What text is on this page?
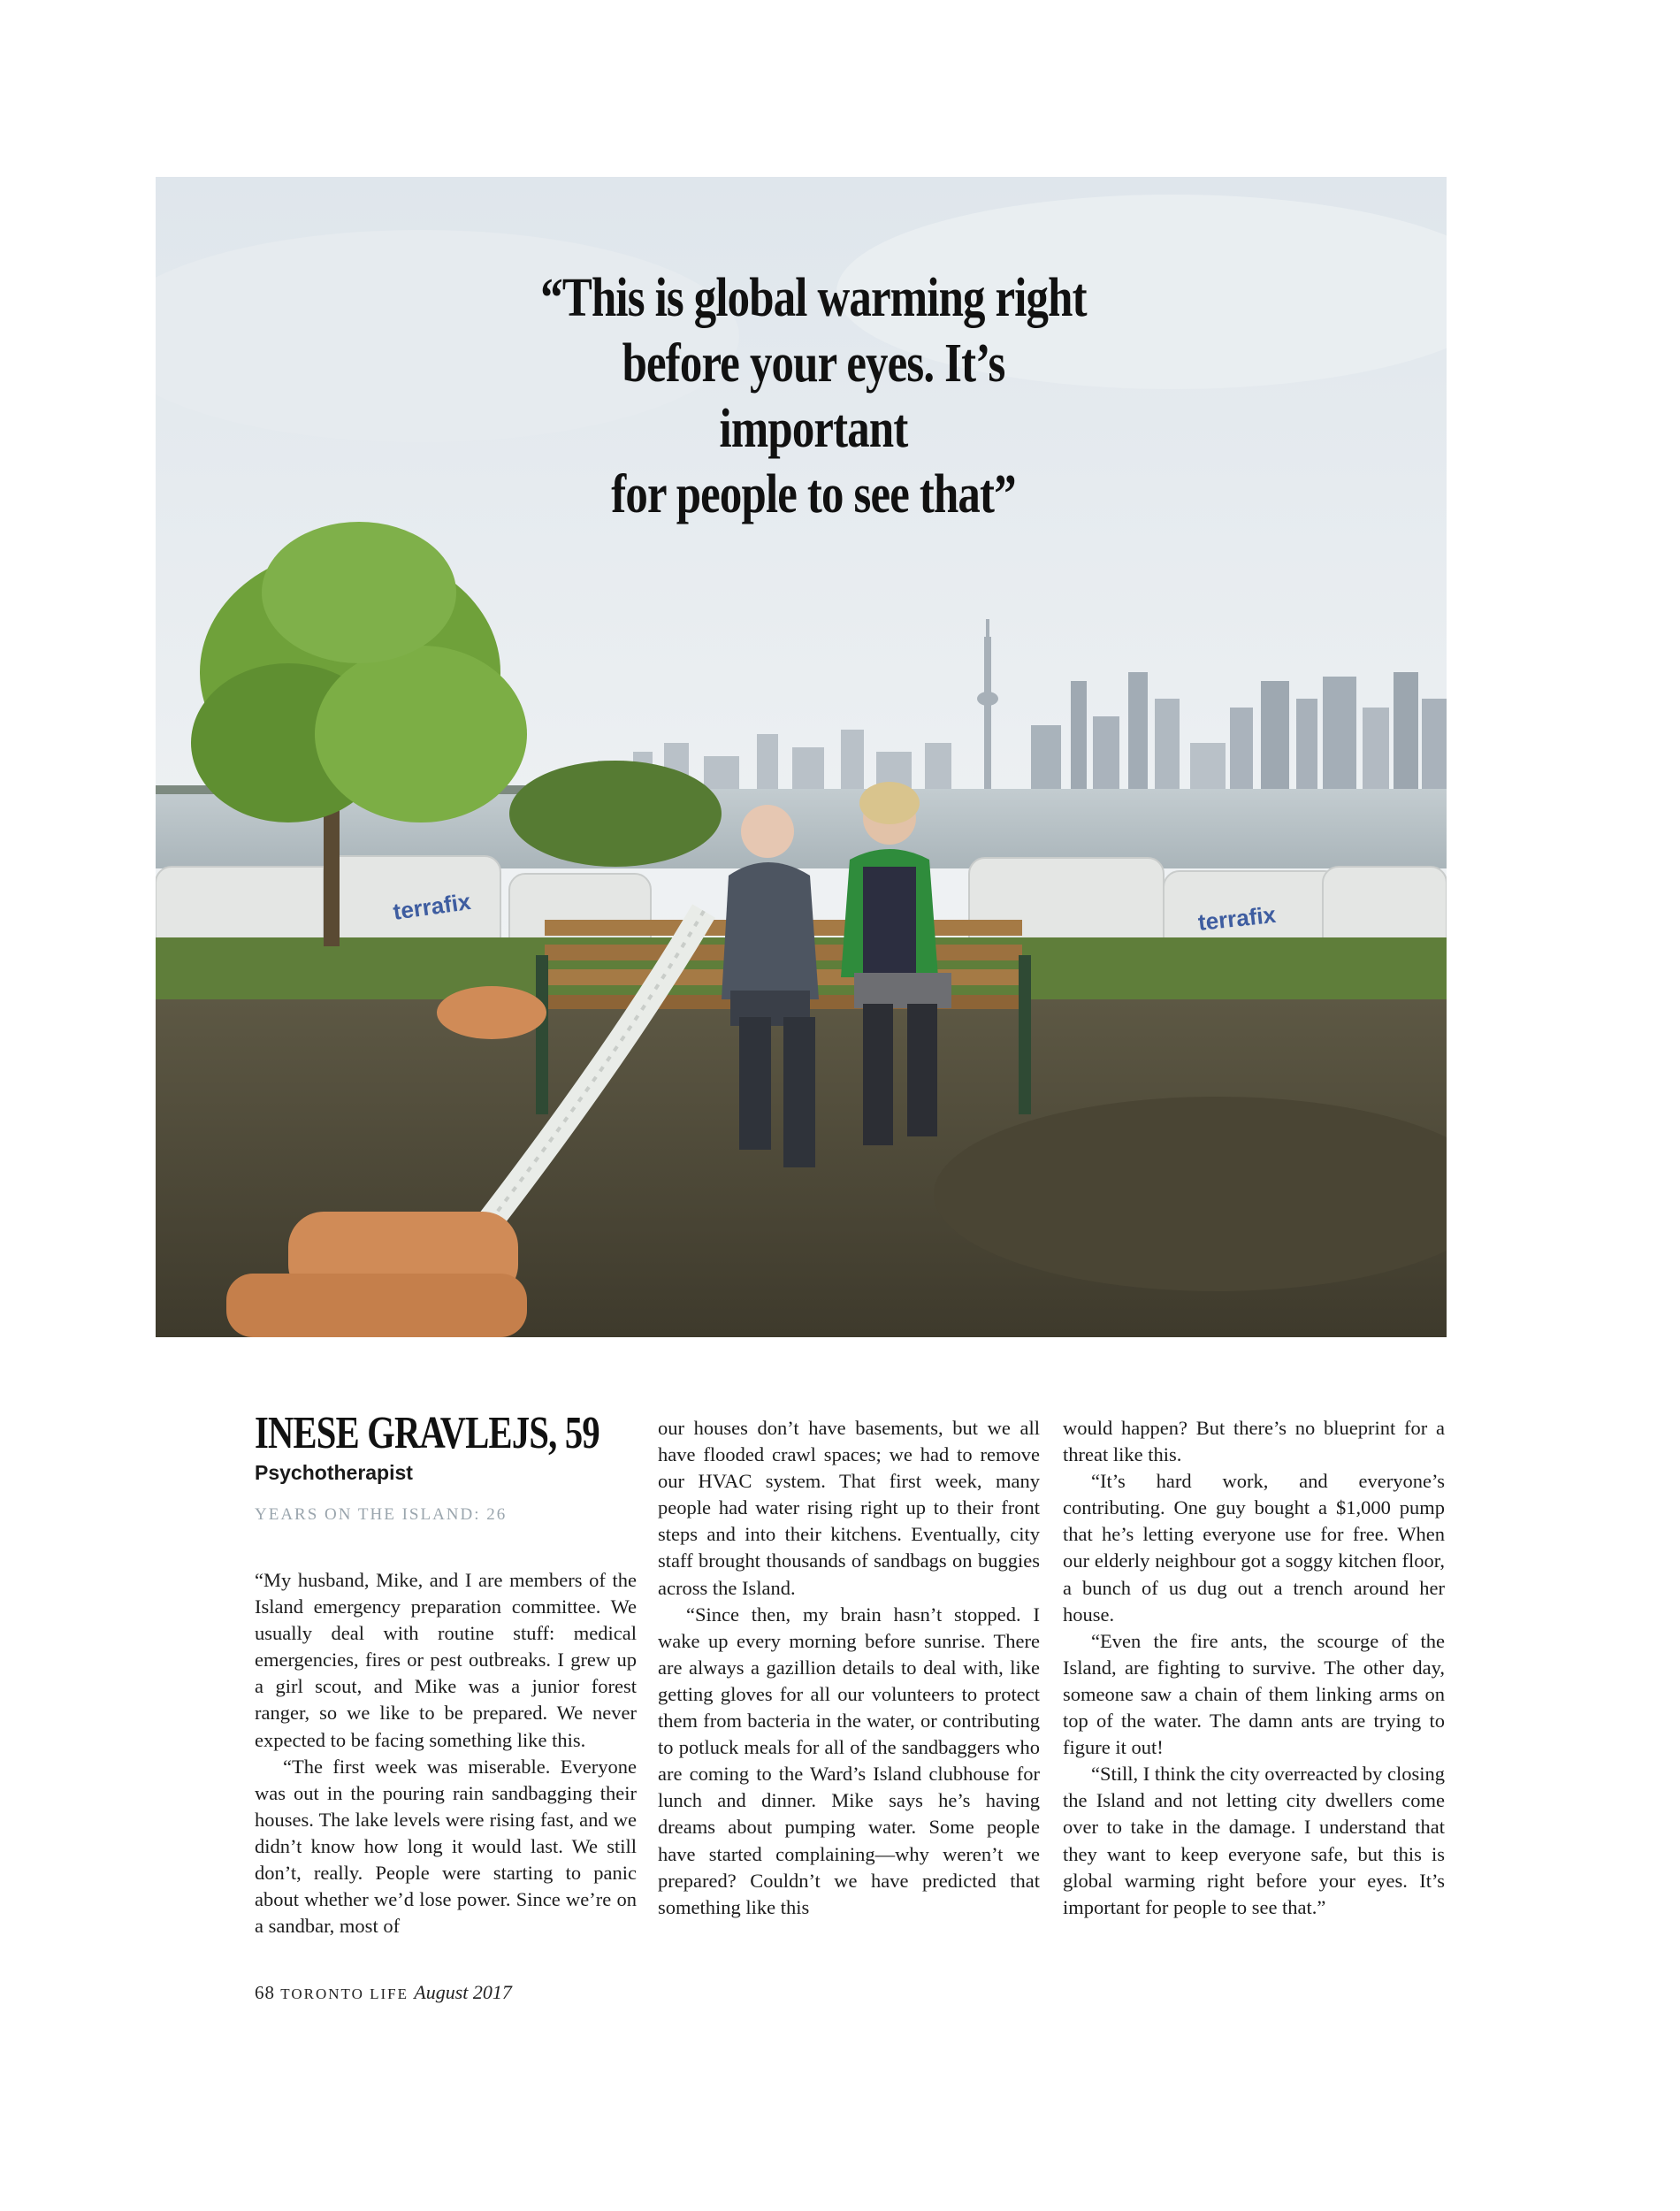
terrafix	terrafix
“This is global warming right
before your eyes. It’s important
for people to see that”
INESE GRAVLEJS, 59
Psychotherapist
YEARS ON THE ISLAND: 26

“My husband, Mike, and I are members of the Island emergency preparation committee. We usually deal with routine stuff: medical emergencies, fires or pest outbreaks. I grew up a girl scout, and Mike was a junior forest ranger, so we like to be prepared. We never expected to be facing something like this.

“The first week was miserable. Everyone was out in the pouring rain sandbagging their houses. The lake levels were rising fast, and we didn’t know how long it would last. We still don’t, really. People were starting to panic about whether we’d lose power. Since we’re on a sandbar, most of

our houses don’t have basements, but we all have flooded crawl spaces; we had to remove our HVAC system. That first week, many people had water rising right up to their front steps and into their kitchens. Eventually, city staff brought thousands of sandbags on buggies across the Island.

“Since then, my brain hasn’t stopped. I wake up every morning before sunrise. There are always a gazillion details to deal with, like getting gloves for all our volunteers to protect them from bacteria in the water, or contributing to potluck meals for all of the sandbaggers who are coming to the Ward’s Island clubhouse for lunch and dinner. Mike says he’s having dreams about pumping water. Some people have started complaining—why weren’t we prepared? Couldn’t we have predicted that something like this

would happen? But there’s no blueprint for a threat like this.

“It’s hard work, and everyone’s contributing. One guy bought a $1,000 pump that he’s letting everyone use for free. When our elderly neighbour got a soggy kitchen floor, a bunch of us dug out a trench around her house.

“Even the fire ants, the scourge of the Island, are fighting to survive. The other day, someone saw a chain of them linking arms on top of the water. The damn ants are trying to figure it out!

“Still, I think the city overreacted by closing the Island and not letting city dwellers come over to take in the damage. I understand that they want to keep everyone safe, but this is global warming right before your eyes. It’s important for people to see that.”

68 TORONTO LIFE August 2017
